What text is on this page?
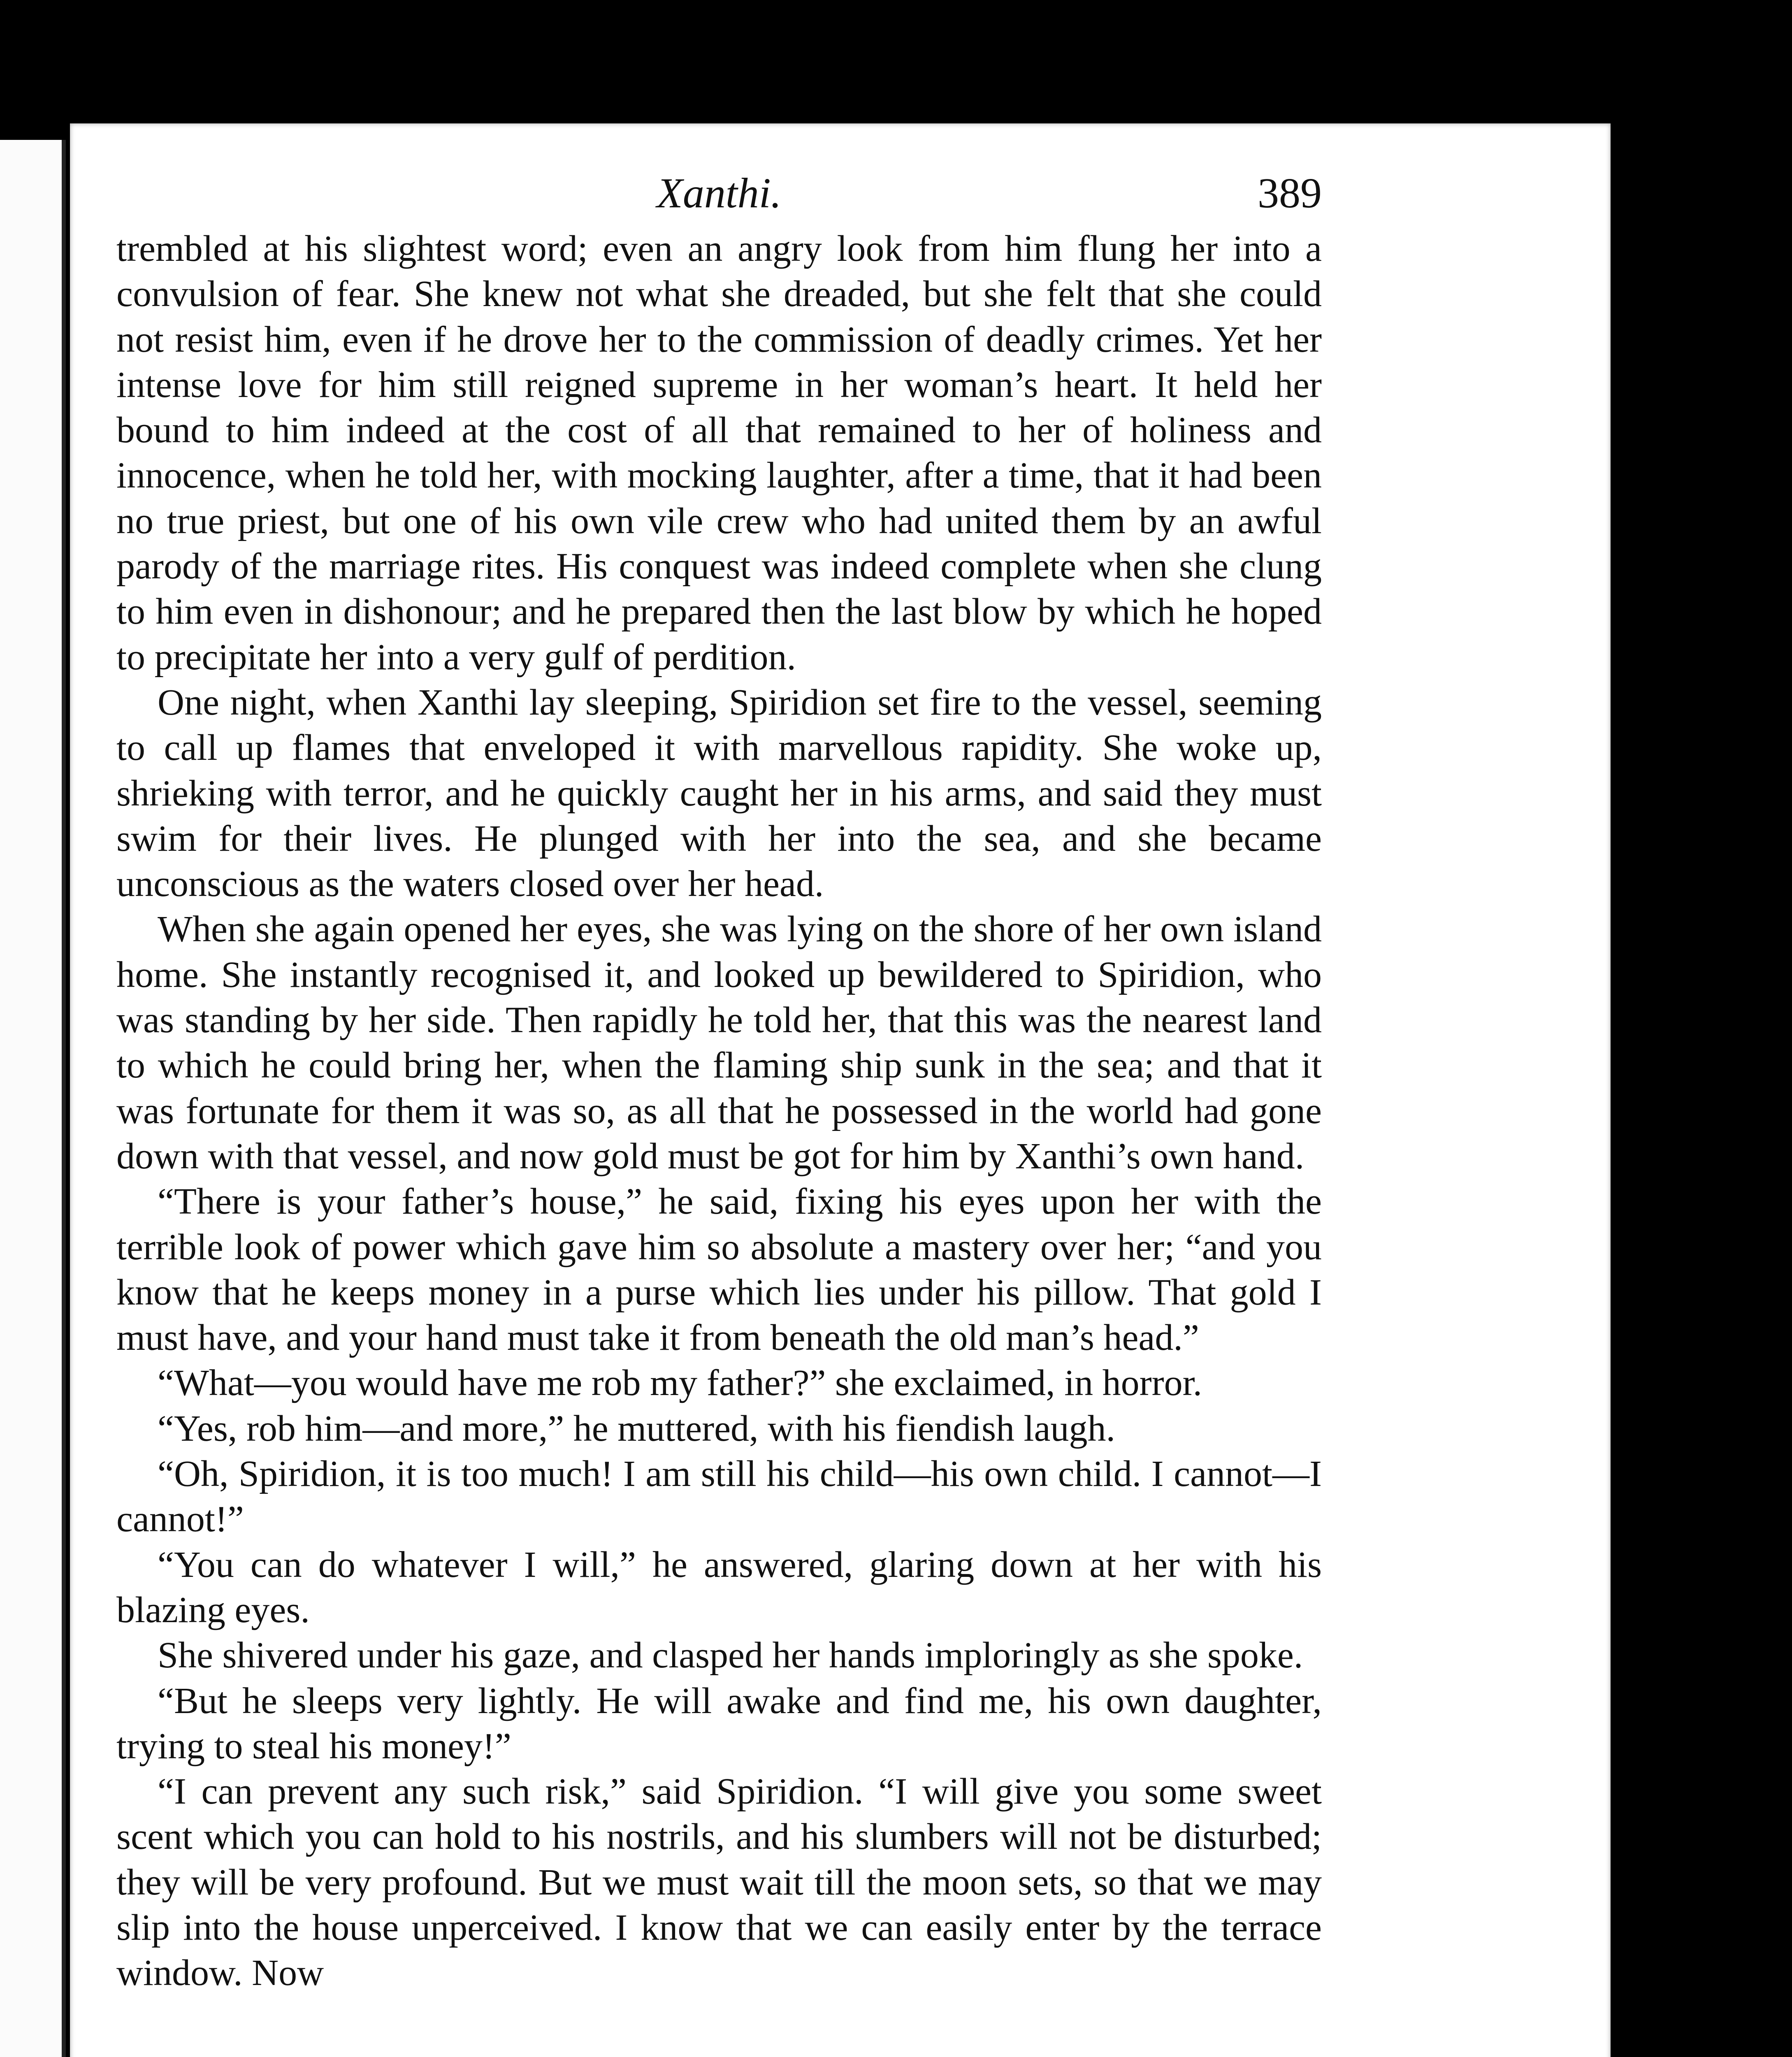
Xanthi.	389

trembled at his slightest word; even an angry look from him flung her into a convulsion of fear. She knew not what she dreaded, but she felt that she could not resist him, even if he drove her to the commission of deadly crimes. Yet her intense love for him still reigned supreme in her woman’s heart. It held her bound to him indeed at the cost of all that remained to her of holiness and innocence, when he told her, with mocking laughter, after a time, that it had been no true priest, but one of his own vile crew who had united them by an awful parody of the marriage rites. His conquest was indeed complete when she clung to him even in dishonour; and he prepared then the last blow by which he hoped to precipitate her into a very gulf of perdition.

One night, when Xanthi lay sleeping, Spiridion set fire to the vessel, seeming to call up flames that enveloped it with marvellous rapidity. She woke up, shrieking with terror, and he quickly caught her in his arms, and said they must swim for their lives. He plunged with her into the sea, and she became unconscious as the waters closed over her head.

When she again opened her eyes, she was lying on the shore of her own island home. She instantly recognised it, and looked up bewildered to Spiridion, who was standing by her side. Then rapidly he told her, that this was the nearest land to which he could bring her, when the flaming ship sunk in the sea; and that it was fortunate for them it was so, as all that he possessed in the world had gone down with that vessel, and now gold must be got for him by Xanthi’s own hand.

“There is your father’s house,” he said, fixing his eyes upon her with the terrible look of power which gave him so absolute a mastery over her; “and you know that he keeps money in a purse which lies under his pillow. That gold I must have, and your hand must take it from beneath the old man’s head.”

“What—you would have me rob my father?” she exclaimed, in horror.

“Yes, rob him—and more,” he muttered, with his fiendish laugh.

“Oh, Spiridion, it is too much! I am still his child—his own child. I cannot—I cannot!”

“You can do whatever I will,” he answered, glaring down at her with his blazing eyes.

She shivered under his gaze, and clasped her hands imploringly as she spoke.

“But he sleeps very lightly. He will awake and find me, his own daughter, trying to steal his money!”

“I can prevent any such risk,” said Spiridion. “I will give you some sweet scent which you can hold to his nostrils, and his slumbers will not be disturbed; they will be very profound. But we must wait till the moon sets, so that we may slip into the house unperceived. I know that we can easily enter by the terrace window. Now
